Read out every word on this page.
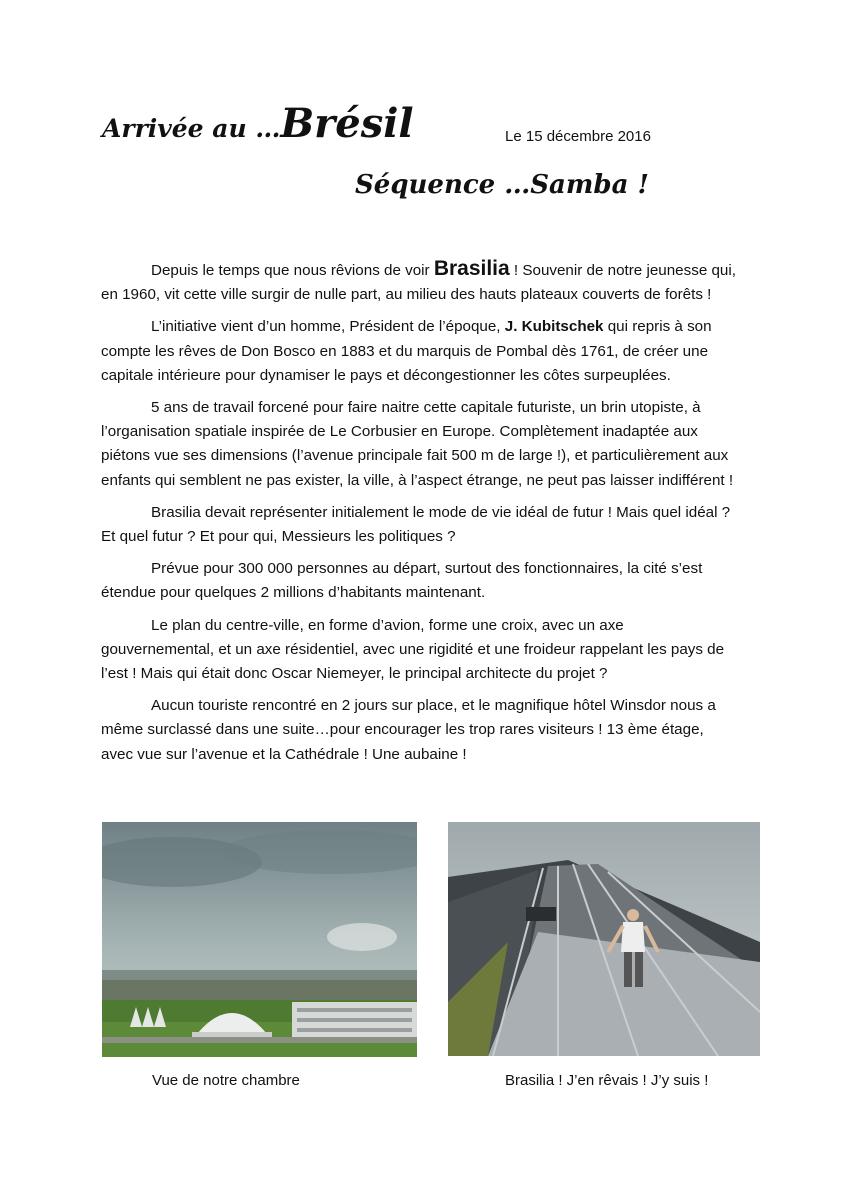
Arrivée au …Brésil	Le 15 décembre 2016
Séquence …Samba !

Depuis le temps que nous rêvions de voir Brasilia ! Souvenir de notre jeunesse qui, en 1960, vit cette ville surgir de nulle part, au milieu des hauts plateaux couverts de forêts !

L’initiative vient d’un homme, Président de l’époque, J. Kubitschek qui repris à son compte les rêves de Don Bosco en 1883 et du marquis de Pombal dès 1761, de créer une capitale intérieure pour dynamiser le pays et décongestionner les côtes surpeuplées.

5 ans de travail forcené pour faire naitre cette capitale futuriste, un brin utopiste, à l’organisation spatiale inspirée de Le Corbusier en Europe. Complètement inadaptée aux piétons vue ses dimensions (l’avenue principale fait 500 m de large !), et particulièrement aux enfants qui semblent ne pas exister, la ville, à l’aspect étrange, ne peut pas laisser indifférent !

Brasilia devait représenter initialement le mode de vie idéal de futur ! Mais quel idéal ? Et quel futur ? Et pour qui, Messieurs les politiques ?

Prévue pour 300 000 personnes au départ, surtout des fonctionnaires, la cité s’est étendue pour quelques 2 millions d’habitants maintenant.

Le plan du centre-ville, en forme d’avion, forme une croix, avec un axe gouvernemental, et un axe résidentiel, avec une rigidité et une froideur rappelant les pays de l’est ! Mais qui était donc Oscar Niemeyer, le principal architecte du projet ?

Aucun touriste rencontré en 2 jours sur place, et le magnifique hôtel Winsdor nous a même surclassé dans une suite…pour encourager les trop rares visiteurs ! 13 ème étage, avec vue sur l’avenue et la Cathédrale ! Une aubaine !

Vue de notre chambre	Brasilia ! J’en rêvais ! J’y suis !
